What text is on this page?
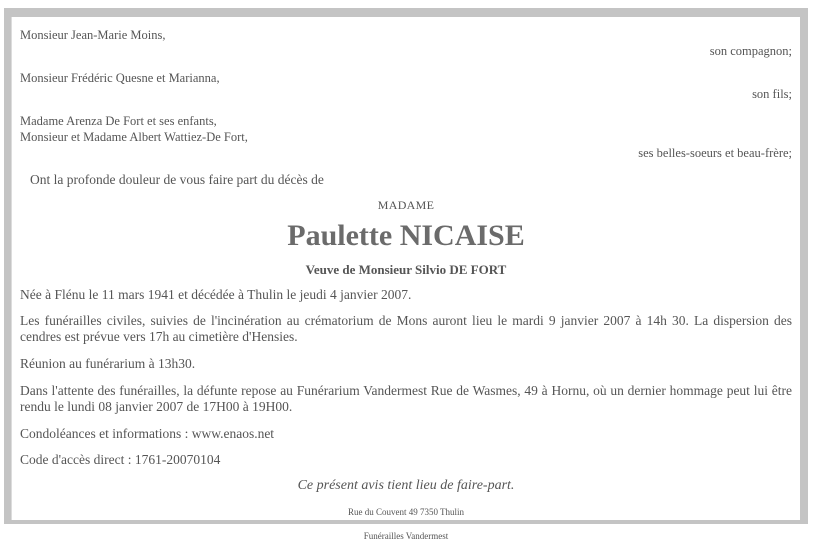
Monsieur Jean-Marie Moins,

son compagnon;

Monsieur Frédéric Quesne et Marianna,

son fils;

Madame Arenza De Fort et ses enfants,

Monsieur et Madame Albert Wattiez-De Fort,

ses belles-soeurs et beau-frère;

Ont la profonde douleur de vous faire part du décès de
MADAME
Paulette NICAISE
Veuve de Monsieur Silvio DE FORT

Née à Flénu le 11 mars 1941 et décédée à Thulin le jeudi 4 janvier 2007.

Les funérailles civiles, suivies de l'incinération au crématorium de Mons auront lieu le mardi 9 janvier 2007 à 14h 30. La dispersion des cendres est prévue vers 17h au cimetière d'Hensies.

Réunion au funérarium à 13h30.

Dans l'attente des funérailles, la défunte repose au Funérarium Vandermest Rue de Wasmes, 49 à Hornu, où un dernier hommage peut lui être rendu le lundi 08 janvier 2007 de 17H00 à 19H00.

Condoléances et informations : www.enaos.net

Code d'accès direct : 1761-20070104

Ce présent avis tient lieu de faire-part.
Rue du Couvent 49 7350 Thulin
Funérailles Vandermest
